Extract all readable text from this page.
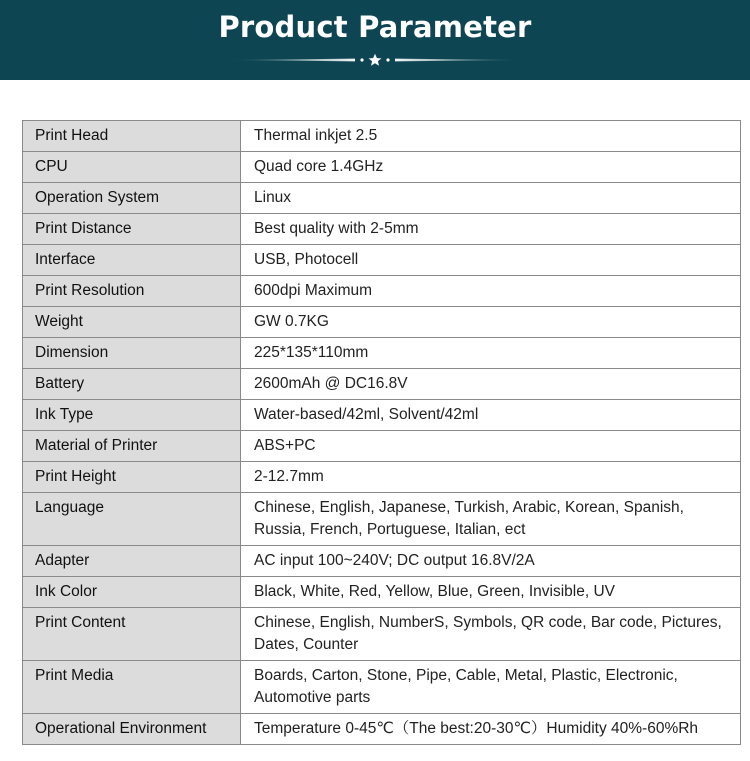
Product Parameter
Print Head	Thermal inkjet 2.5
CPU	Quad core 1.4GHz
Operation System	Linux
Print Distance	Best quality with 2-5mm
Interface	USB, Photocell
Print Resolution	600dpi Maximum
Weight	GW 0.7KG
Dimension	225*135*110mm
Battery	2600mAh @ DC16.8V
Ink Type	Water-based/42ml, Solvent/42ml
Material of Printer	ABS+PC
Print Height	2-12.7mm
Language	Chinese, English, Japanese, Turkish, Arabic, Korean, Spanish, Russia, French, Portuguese, Italian, ect
Adapter	AC input 100~240V; DC output 16.8V/2A
Ink Color	Black, White, Red, Yellow, Blue, Green, Invisible, UV
Print Content	Chinese, English, NumberS, Symbols, QR code, Bar code, Pictures, Dates, Counter
Print Media	Boards, Carton, Stone, Pipe, Cable, Metal, Plastic, Electronic, Automotive parts
Operational Environment	Temperature 0-45℃（The best:20-30℃）Humidity 40%-60%Rh
